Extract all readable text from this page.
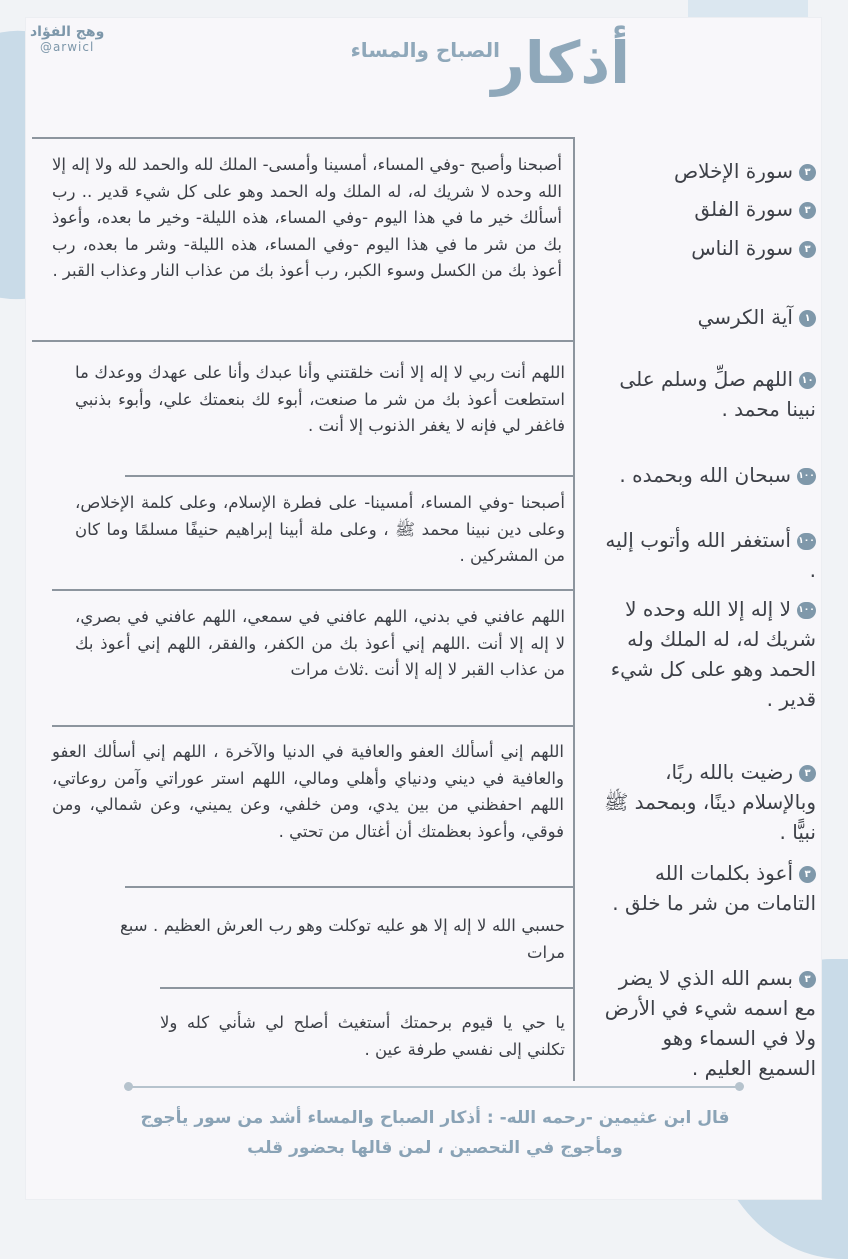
وهج الفؤاد
@arwicl	أذكار
الصباح والمساء
٣سورة الإخلاص
٣سورة الفلق
٣سورة الناس
١آية الكرسي
١٠اللهم صلِّ وسلم على نبينا محمد .
١٠٠سبحان الله وبحمده .
١٠٠أستغفر الله وأتوب إليه .
١٠٠لا إله إلا الله وحده لا شريك له، له الملك وله الحمد وهو على كل شيء قدير .
٣رضيت بالله ربًا، وبالإسلام دينًا، وبمحمد ﷺ نبيًّا .
٣أعوذ بكلمات الله التامات من شر ما خلق .
٣بسم الله الذي لا يضر مع اسمه شيء في الأرض ولا في السماء وهو السميع العليم .
أصبحنا وأصبح -وفي المساء، أمسينا وأمسى- الملك لله والحمد لله ولا إله إلا الله وحده لا شريك له، له الملك وله الحمد وهو على كل شيء قدير .. رب أسألك خير ما في هذا اليوم -وفي المساء، هذه الليلة- وخير ما بعده، وأعوذ بك من شر ما في هذا اليوم -وفي المساء، هذه الليلة- وشر ما بعده، رب أعوذ بك من الكسل وسوء الكبر، رب أعوذ بك من عذاب النار وعذاب القبر .
اللهم أنت ربي لا إله إلا أنت خلقتني وأنا عبدك وأنا على عهدك ووعدك ما استطعت أعوذ بك من شر ما صنعت، أبوء لك بنعمتك علي، وأبوء بذنبي فاغفر لي فإنه لا يغفر الذنوب إلا أنت .
أصبحنا -وفي المساء، أمسينا- على فطرة الإسلام، وعلى كلمة الإخلاص، وعلى دين نبينا محمد ﷺ ، وعلى ملة أبينا إبراهيم حنيفًا مسلمًا وما كان من المشركين .
اللهم عافني في بدني، اللهم عافني في سمعي، اللهم عافني في بصري، لا إله إلا أنت .اللهم إني أعوذ بك من الكفر، والفقر، اللهم إني أعوذ بك من عذاب القبر لا إله إلا أنت .ثلاث مرات
اللهم إني أسألك العفو والعافية في الدنيا والآخرة ، اللهم إني أسألك العفو والعافية في ديني ودنياي وأهلي ومالي، اللهم استر عوراتي وآمن روعاتي، اللهم احفظني من بين يدي، ومن خلفي، وعن يميني، وعن شمالي، ومن فوقي، وأعوذ بعظمتك أن أغتال من تحتي .
حسبي الله لا إله إلا هو عليه توكلت وهو رب العرش العظيم . سبع مرات
يا حي يا قيوم برحمتك أستغيث أصلح لي شأني كله ولا تكلني إلى نفسي طرفة عين .
قال ابن عثيمين -رحمه الله- : أذكار الصباح والمساء أشد من سور يأجوج ومأجوج في التحصين ، لمن قالها بحضور قلب
